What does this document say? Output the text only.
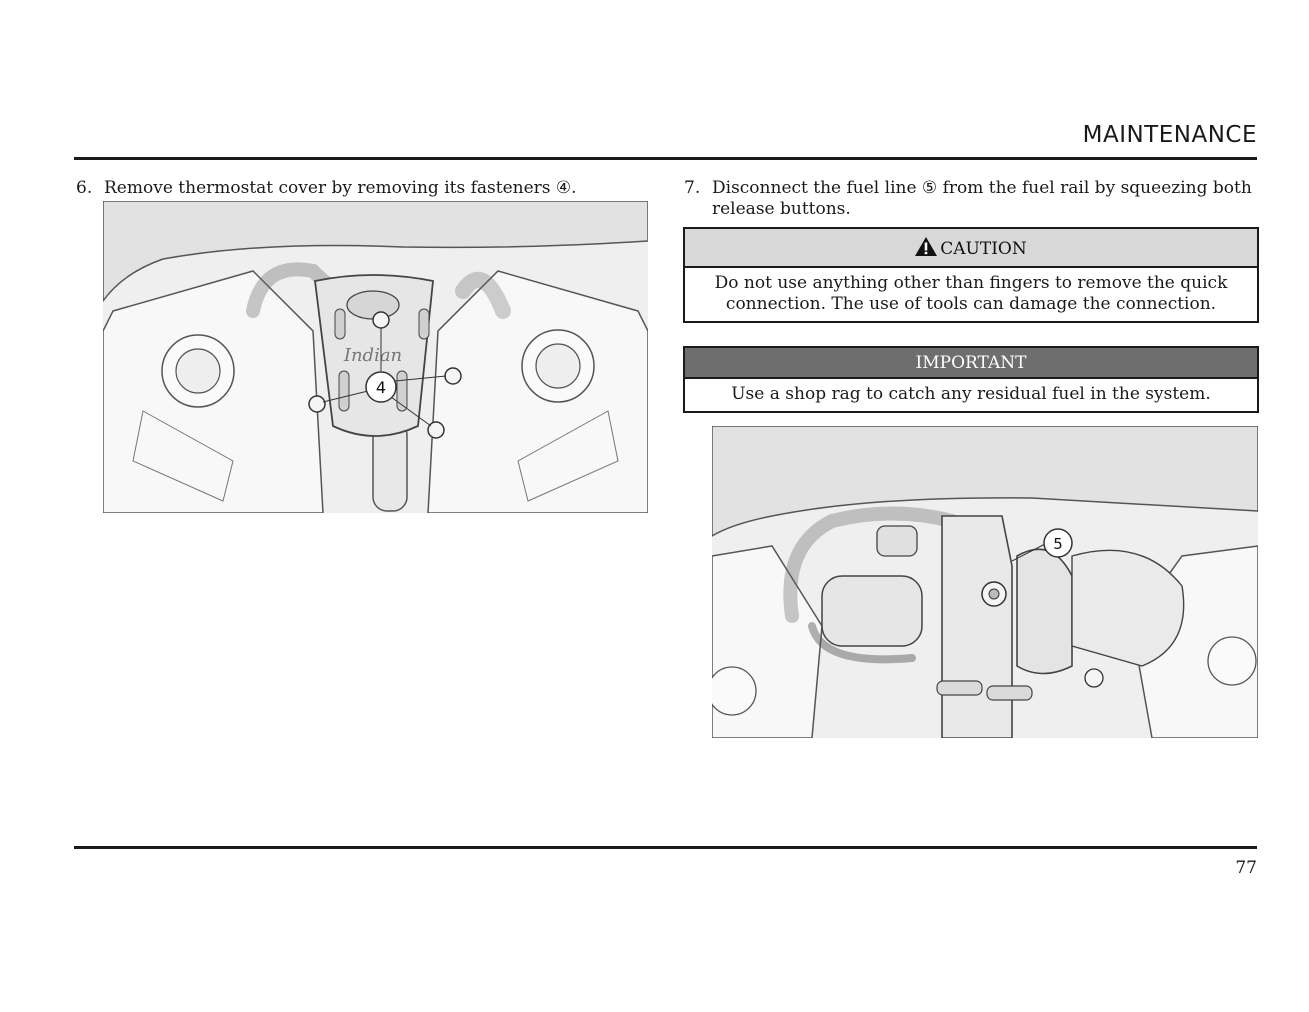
MAINTENANCE
6. Remove thermostat cover by removing its fasteners ④.
Indian
4
7. Disconnect the fuel line ⑤ from the fuel rail by squeezing both release buttons.
CAUTION
Do not use anything other than fingers to remove the quick connection. The use of tools can damage the connection.
IMPORTANT
Use a shop rag to catch any residual fuel in the system.
5
77
